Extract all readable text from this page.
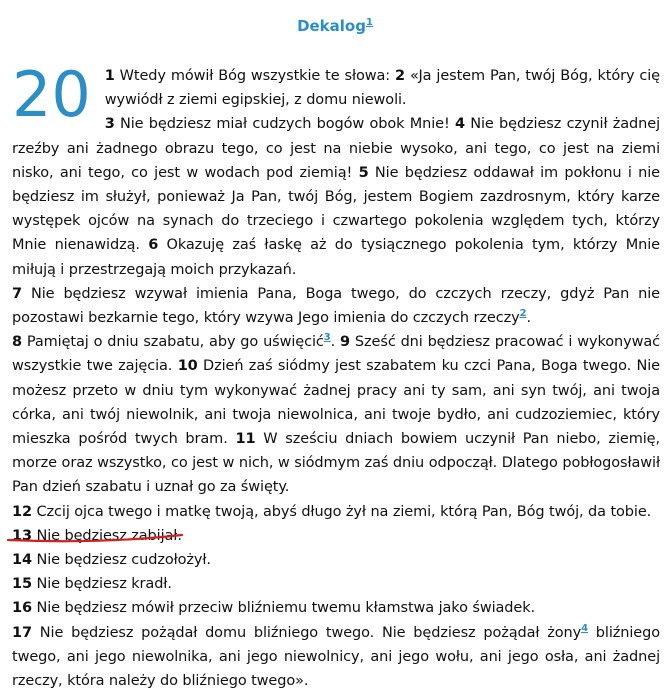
Dekalog$^1$

20 1 Wtedy mówił Bóg wszystkie te słowa: 2 «Ja jestem Pan, twój Bóg, który cię wywiódł z ziemi egipskiej, z domu niewoli.
3 Nie będziesz miał cudzych bogów obok Mnie! 4 Nie będziesz czynił żadnej rzeźby ani żadnego obrazu tego, co jest na niebie wysoko, ani tego, co jest na ziemi nisko, ani tego, co jest w wodach pod ziemią! 5 Nie będziesz oddawał im pokłonu i nie będziesz im służył, ponieważ Ja Pan, twój Bóg, jestem Bogiem zazdrosnym, który karze występek ojców na synach do trzeciego i czwartego pokolenia względem tych, którzy Mnie nienawidzą. 6 Okazuję zaś łaskę aż do tysiącznego pokolenia tym, którzy Mnie miłują i przestrzegają moich przykazań.

7 Nie będziesz wzywał imienia Pana, Boga twego, do czczych rzeczy, gdyż Pan nie pozostawi bezkarnie tego, który wzywa Jego imienia do czczych rzeczy$^2$.

8 Pamiętaj o dniu szabatu, aby go uświęcić$^3$. 9 Sześć dni będziesz pracować i wykonywać wszystkie twe zajęcia. 10 Dzień zaś siódmy jest szabatem ku czci Pana, Boga twego. Nie możesz przeto w dniu tym wykonywać żadnej pracy ani ty sam, ani syn twój, ani twoja córka, ani twój niewolnik, ani twoja niewolnica, ani twoje bydło, ani cudzoziemiec, który mieszka pośród twych bram. 11 W sześciu dniach bowiem uczynił Pan niebo, ziemię, morze oraz wszystko, co jest w nich, w siódmym zaś dniu odpoczął. Dlatego pobłogosławił Pan dzień szabatu i uznał go za święty.

12 Czcij ojca twego i matkę twoją, abyś długo żył na ziemi, którą Pan, Bóg twój, da tobie.

13 Nie będziesz zabijał.

14 Nie będziesz cudzołożył.

15 Nie będziesz kradł.

16 Nie będziesz mówił przeciw bliźniemu twemu kłamstwa jako świadek.

17 Nie będziesz pożądał domu bliźniego twego. Nie będziesz pożądał żony$^4$ bliźniego twego, ani jego niewolnika, ani jego niewolnicy, ani jego wołu, ani jego osła, ani żadnej rzeczy, która należy do bliźniego twego».
